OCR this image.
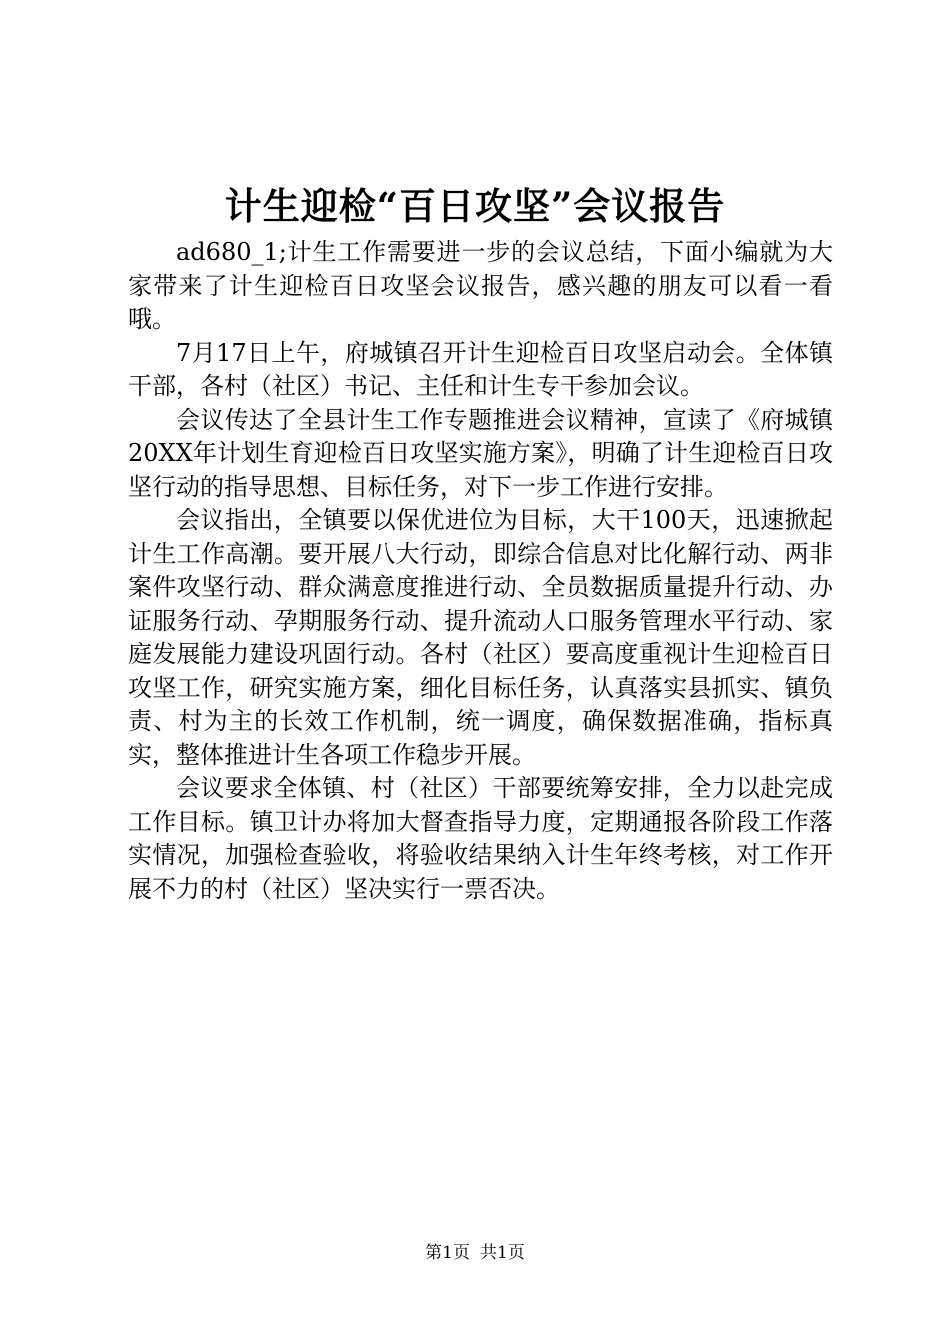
计生迎检“百日攻坚”会议报告

ad680_1;计生工作需要进一步的会议总结，下面小编就为大家带来了计生迎检百日攻坚会议报告，感兴趣的朋友可以看一看哦。

7月17日上午，府城镇召开计生迎检百日攻坚启动会。全体镇干部，各村（社区）书记、主任和计生专干参加会议。

会议传达了全县计生工作专题推进会议精神，宣读了《府城镇20XX年计划生育迎检百日攻坚实施方案》，明确了计生迎检百日攻坚行动的指导思想、目标任务，对下一步工作进行安排。

会议指出，全镇要以保优进位为目标，大干100天，迅速掀起计生工作高潮。要开展八大行动，即综合信息对比化解行动、两非案件攻坚行动、群众满意度推进行动、全员数据质量提升行动、办证服务行动、孕期服务行动、提升流动人口服务管理水平行动、家庭发展能力建设巩固行动。各村（社区）要高度重视计生迎检百日攻坚工作，研究实施方案，细化目标任务，认真落实县抓实、镇负责、村为主的长效工作机制，统一调度，确保数据准确，指标真实，整体推进计生各项工作稳步开展。

会议要求全体镇、村（社区）干部要统筹安排，全力以赴完成工作目标。镇卫计办将加大督查指导力度，定期通报各阶段工作落实情况，加强检查验收，将验收结果纳入计生年终考核，对工作开展不力的村（社区）坚决实行一票否决。

第1页 共1页
